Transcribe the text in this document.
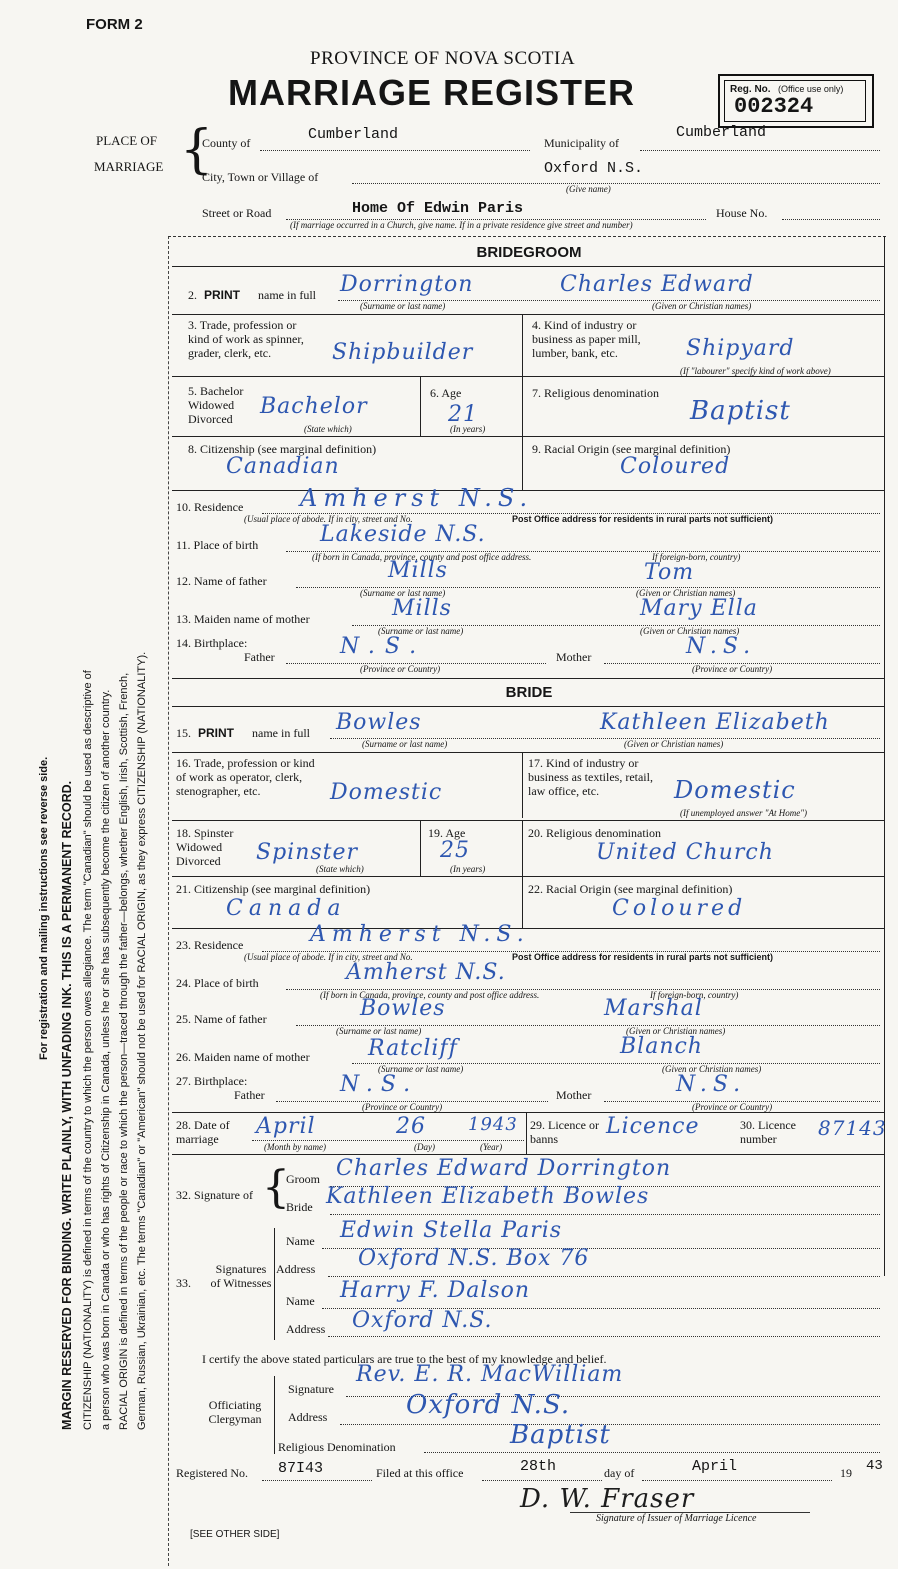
FORM 2
PROVINCE OF NOVA SCOTIA
MARRIAGE REGISTER	Reg. No. (Office use only)
002324
PLACE OF
MARRIAGE {
County of	Cumberland	Municipality of
Cumberland
City, Town or Village of	Oxford N.S.
(Give name)
Street or Road	Home Of Edwin Paris	House No.
(If marriage occurred in a Church, give name. If in a private residence give street and number)
For registration and mailing instructions see reverse side. MARGIN RESERVED FOR BINDING. WRITE PLAINLY, WITH UNFADING INK. THIS IS A PERMANENT RECORD. CITIZENSHIP (NATIONALITY) is defined in terms of the country to which the person owes allegiance. The term "Canadian" should be used as descriptive of a person who was born in Canada or who has rights of Citizenship in Canada, unless he or she has subsequently become the citizen of another country. RACIAL ORIGIN is defined in terms of the people or race to which the person—traced through the father—belongs, whether English, Irish, Scottish, French, German, Russian, Ukrainian, etc. The terms "Canadian" or "American" should not be used for RACIAL ORIGIN, as they express CITIZENSHIP (NATIONALITY).
BRIDEGROOM
2. PRINT name in full Dorrington	Charles Edward
(Surname or last name)	(Given or Christian names)
3. Trade, profession or kind of work as spinner, grader, clerk, etc.	Shipbuilder
4. Kind of industry or business as paper mill, lumber, bank, etc.	Shipyard
(If "labourer" specify kind of work above)
5. Bachelor Widowed Divorced	Bachelor
(State which)
6. Age
21
(In years)
7. Religious denomination
Baptist
8. Citizenship (see marginal definition)
Canadian
9. Racial Origin (see marginal definition)
Coloured
10. Residence Amherst N.S.
(Usual place of abode. If in city, street and No.	Post Office address for residents in rural parts not sufficient)
11. Place of birth	Lakeside N.S.
(If born in Canada, province, county and post office address.	If foreign-born, country)
12. Name of father	Mills	Tom
(Surname or last name)	(Given or Christian names)
13. Maiden name of mother	Mills	Mary Ella
(Surname or last name)	(Given or Christian names)
14. Birthplace:
Father	N.S.	Mother	N.S.
(Province or Country)	(Province or Country)
BRIDE
15. PRINT name in full Bowles	Kathleen Elizabeth
(Surname or last name)	(Given or Christian names)
16. Trade, profession or kind of work as operator, clerk, stenographer, etc.	Domestic
17. Kind of industry or business as textiles, retail, law office, etc.	Domestic
(If unemployed answer "At Home")
18. Spinster Widowed Divorced	Spinster
(State which)
19. Age
25
(In years)
20. Religious denomination
United Church
21. Citizenship (see marginal definition)
Canada
22. Racial Origin (see marginal definition)
Coloured
23. Residence	Amherst N.S.
(Usual place of abode. If in city, street and No.	Post Office address for residents in rural parts not sufficient)
24. Place of birth	Amherst N.S.
(If born in Canada, province, county and post office address.	If foreign-born, country)
25. Name of father	Bowles	Marshal
(Surname or last name)	(Given or Christian names)
26. Maiden name of mother	Ratcliff	Blanch
(Surname or last name)	(Given or Christian names)
27. Birthplace:
Father	N.S.	Mother	N.S.
(Province or Country)	(Province or Country)
28. Date of marriage	April	26 1943
(Month by name)	(Day)	(Year)
29. Licence or banns	Licence	30. Licence number	87143
32. Signature of {
Groom Charles Edward Dorrington
Bride Kathleen Elizabeth Bowles
33.
Signatures of Witnesses
Name Edwin Stella Paris
Address Oxford N.S. Box 76
Name Harry F. Dalson
Address Oxford N.S.
I certify the above stated particulars are true to the best of my knowledge and belief.
Officiating Clergyman
Signature
Rev. E. R. MacWilliam
Address	Oxford N.S.
Religious Denomination	Baptist
Registered No. 87I43	Filed at this office	28th	day of	April	19 43
D. W. Fraser
Signature of Issuer of Marriage Licence
[SEE OTHER SIDE]
